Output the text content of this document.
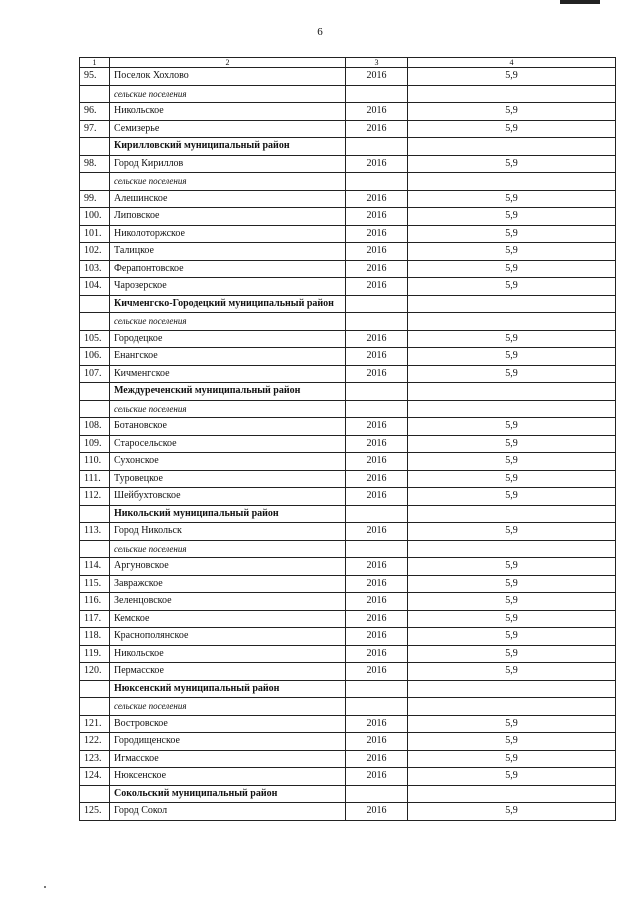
6
1	2	3	4
95.	Поселок Хохлово	2016	5,9
	сельские поселения		
96.	Никольское	2016	5,9
97.	Семизерье	2016	5,9
	Кирилловский муниципальный район		
98.	Город Кириллов	2016	5,9
	сельские поселения		
99.	Алешинское	2016	5,9
100.	Липовское	2016	5,9
101.	Николоторжское	2016	5,9
102.	Талицкое	2016	5,9
103.	Ферапонтовское	2016	5,9
104.	Чарозерское	2016	5,9
	Кичменгско-Городецкий муниципальный район		
	сельские поселения		
105.	Городецкое	2016	5,9
106.	Енангское	2016	5,9
107.	Кичменгское	2016	5,9
	Междуреченский муниципальный район		
	сельские поселения		
108.	Ботановское	2016	5,9
109.	Старосельское	2016	5,9
110.	Сухонское	2016	5,9
111.	Туровецкое	2016	5,9
112.	Шейбухтовское	2016	5,9
	Никольский муниципальный район		
113.	Город Никольск	2016	5,9
	сельские поселения		
114.	Аргуновское	2016	5,9
115.	Завражское	2016	5,9
116.	Зеленцовское	2016	5,9
117.	Кемское	2016	5,9
118.	Краснополянское	2016	5,9
119.	Никольское	2016	5,9
120.	Пермасское	2016	5,9
	Нюксенский муниципальный район		
	сельские поселения		
121.	Востровское	2016	5,9
122.	Городищенское	2016	5,9
123.	Игмасское	2016	5,9
124.	Нюксенское	2016	5,9
	Сокольский муниципальный район		
125.	Город Сокол	2016	5,9
